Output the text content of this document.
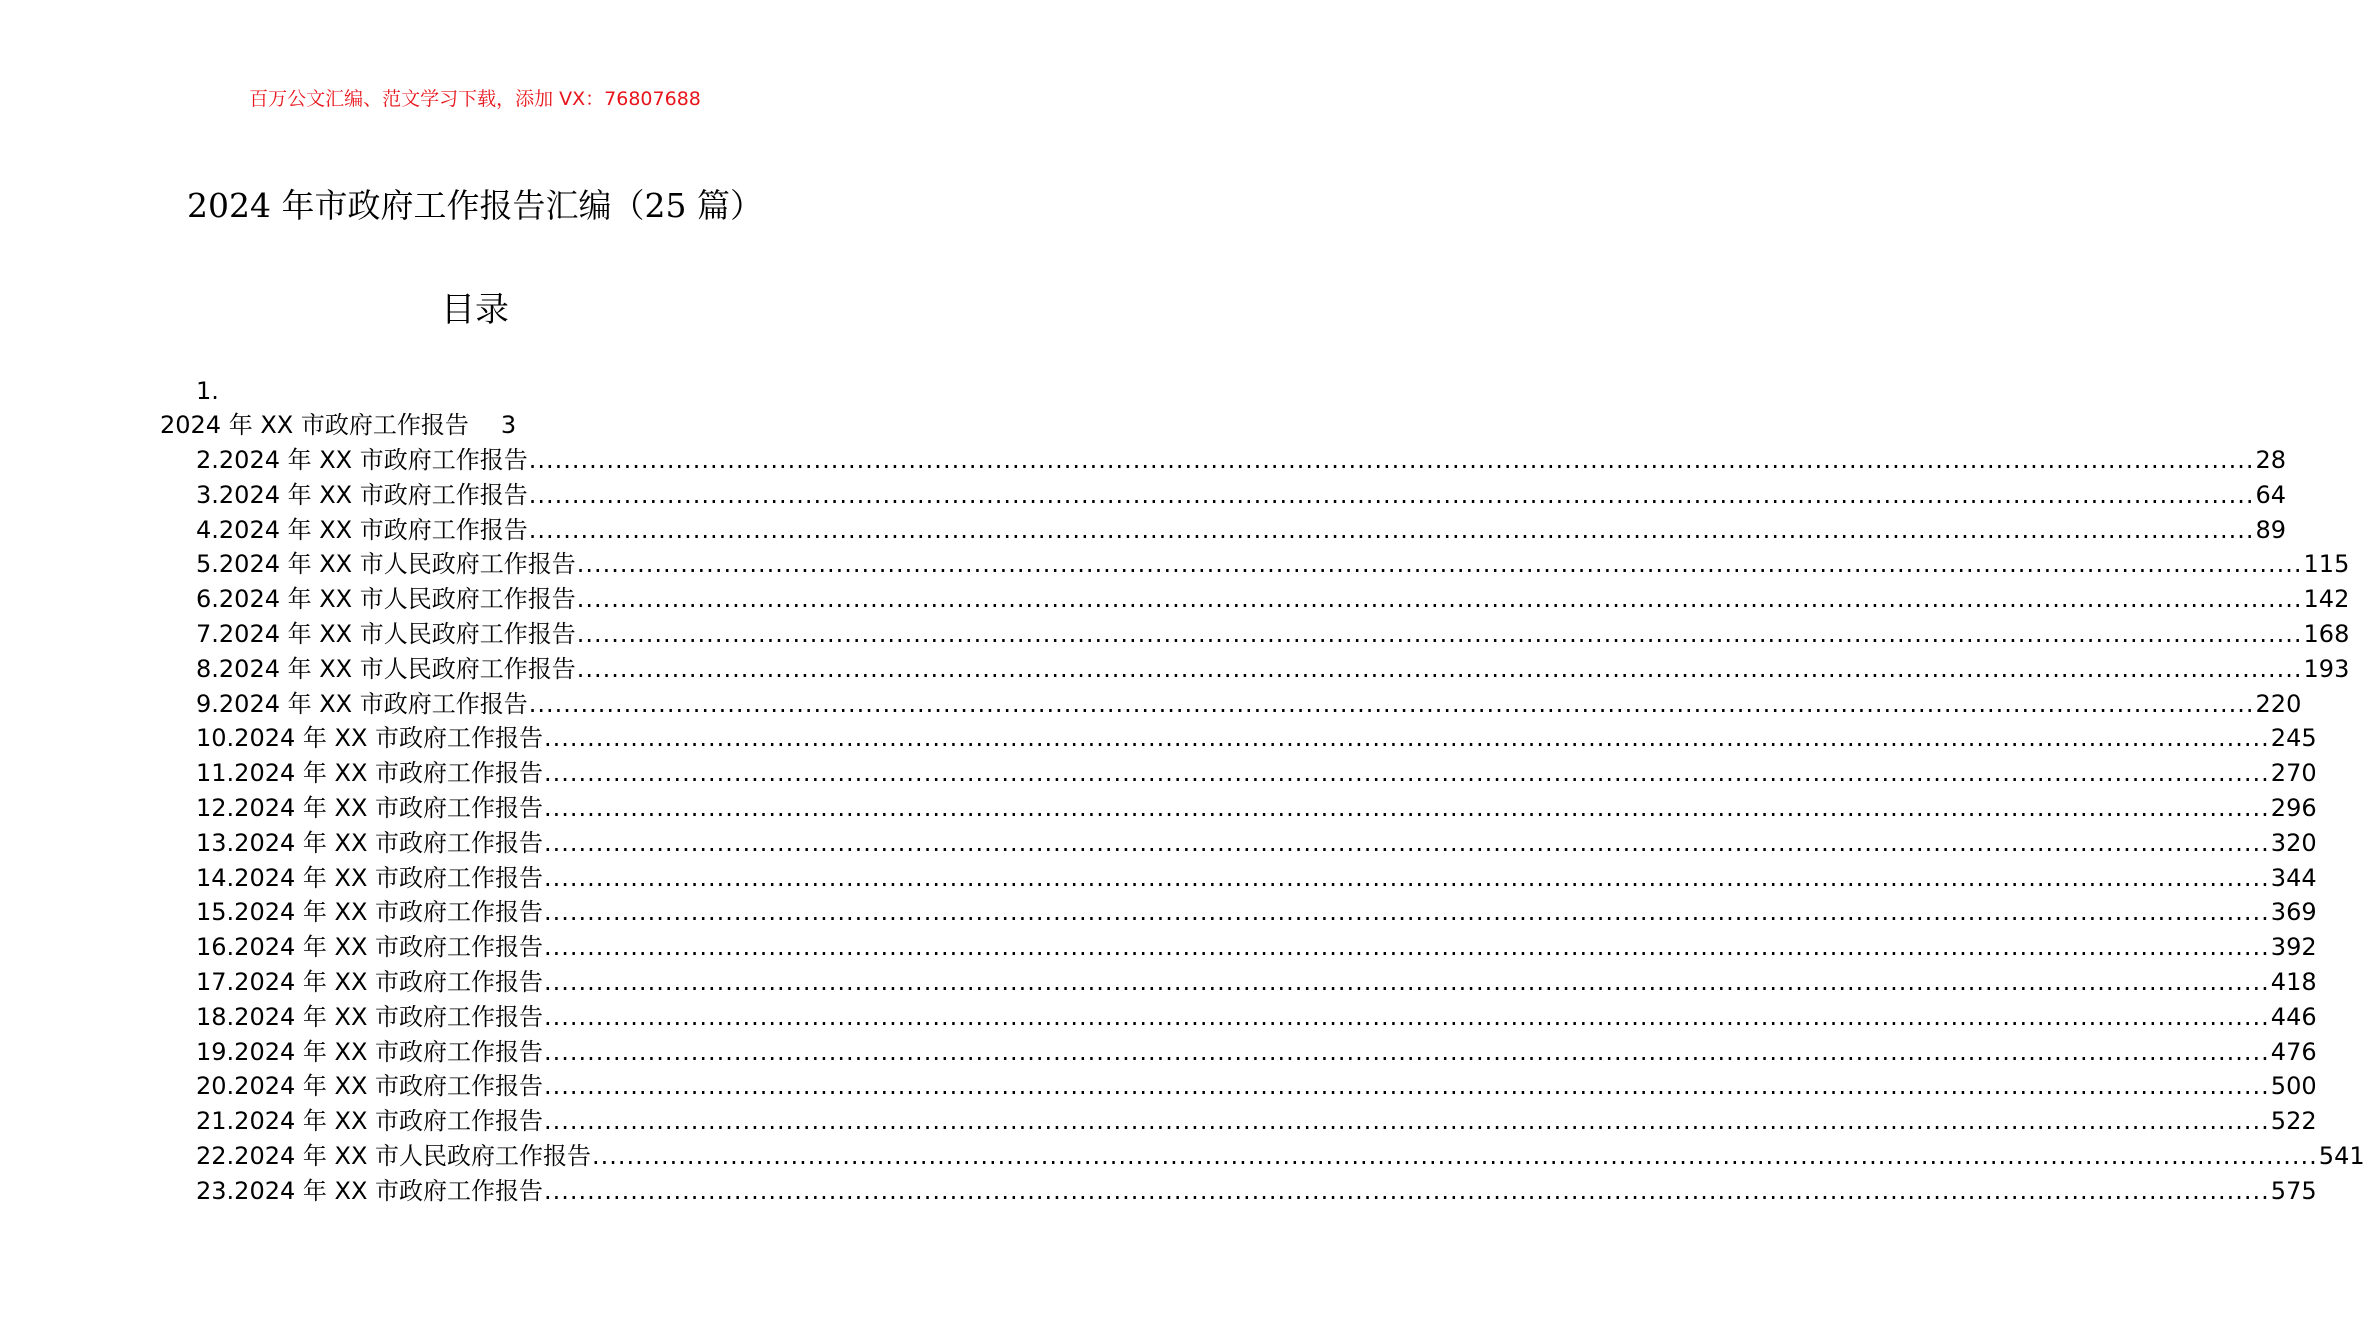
百万公文汇编、范文学习下载，添加 VX：76807688
2024 年市政府工作报告汇编（25 篇）
目录
1.
2024 年 XX 市政府工作报告 3
2.2024 年 XX 市政府工作报告 ........................................................................................................................................................................................................ 28
3.2024 年 XX 市政府工作报告 ........................................................................................................................................................................................................ 64
4.2024 年 XX 市政府工作报告 ........................................................................................................................................................................................................ 89
5.2024 年 XX 市人民政府工作报告 ........................................................................................................................................................................................................ 115
6.2024 年 XX 市人民政府工作报告 ........................................................................................................................................................................................................ 142
7.2024 年 XX 市人民政府工作报告 ........................................................................................................................................................................................................ 168
8.2024 年 XX 市人民政府工作报告 ........................................................................................................................................................................................................ 193
9.2024 年 XX 市政府工作报告 ........................................................................................................................................................................................................ 220
10.2024 年 XX 市政府工作报告 ........................................................................................................................................................................................................ 245
11.2024 年 XX 市政府工作报告 ........................................................................................................................................................................................................ 270
12.2024 年 XX 市政府工作报告 ........................................................................................................................................................................................................ 296
13.2024 年 XX 市政府工作报告 ........................................................................................................................................................................................................ 320
14.2024 年 XX 市政府工作报告 ........................................................................................................................................................................................................ 344
15.2024 年 XX 市政府工作报告 ........................................................................................................................................................................................................ 369
16.2024 年 XX 市政府工作报告 ........................................................................................................................................................................................................ 392
17.2024 年 XX 市政府工作报告 ........................................................................................................................................................................................................ 418
18.2024 年 XX 市政府工作报告 ........................................................................................................................................................................................................ 446
19.2024 年 XX 市政府工作报告 ........................................................................................................................................................................................................ 476
20.2024 年 XX 市政府工作报告 ........................................................................................................................................................................................................ 500
21.2024 年 XX 市政府工作报告 ........................................................................................................................................................................................................ 522
22.2024 年 XX 市人民政府工作报告 ........................................................................................................................................................................................................ 541
23.2024 年 XX 市政府工作报告 ........................................................................................................................................................................................................ 575
